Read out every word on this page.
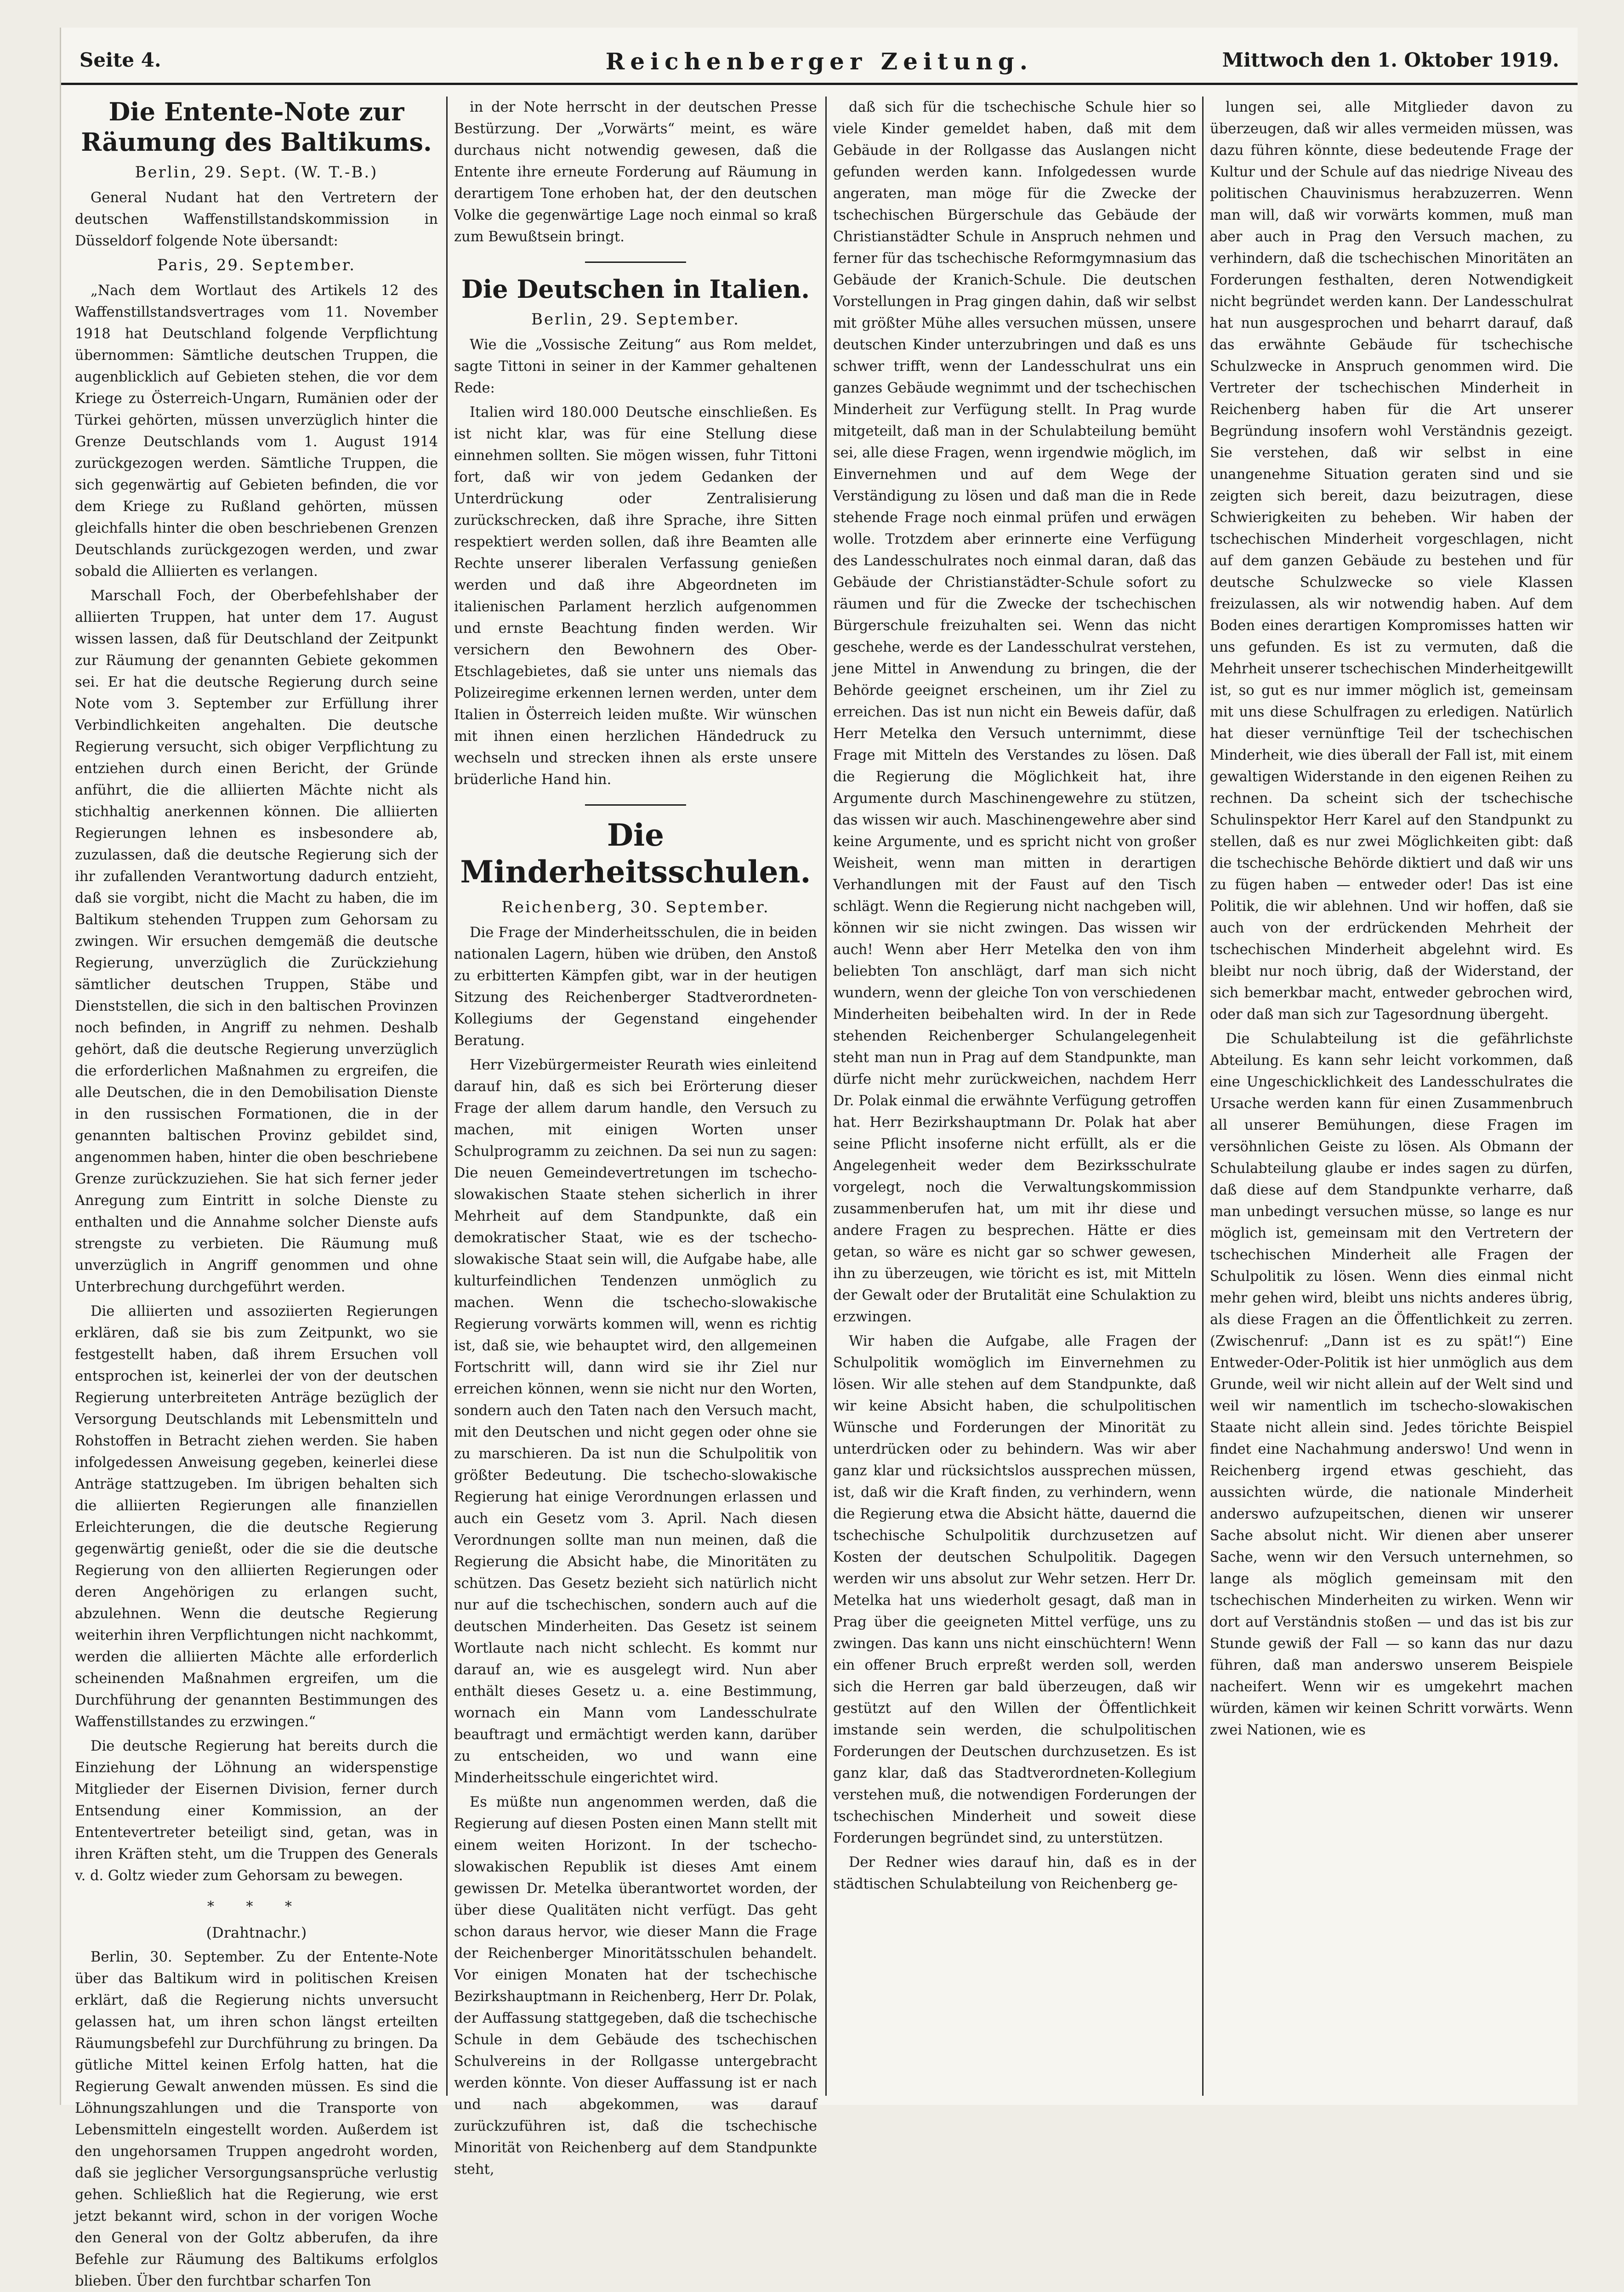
Seite 4.	Reichenberger Zeitung.	Mittwoch den 1. Oktober 1919.
Die Entente-Note zur Räumung des Baltikums.
Berlin, 29. Sept. (W. T.-B.)

General Nudant hat den Vertretern der deutschen Waffenstillstandskommission in Düsseldorf folgende Note übersandt:

Paris, 29. September.

„Nach dem Wortlaut des Artikels 12 des Waffenstillstandsvertrages vom 11. November 1918 hat Deutschland folgende Verpflichtung übernommen: Sämtliche deutschen Truppen, die augenblicklich auf Gebieten stehen, die vor dem Kriege zu Österreich-Ungarn, Rumänien oder der Türkei gehörten, müssen unverzüglich hinter die Grenze Deutschlands vom 1. August 1914 zurückgezogen werden. Sämtliche Truppen, die sich gegenwärtig auf Gebieten befinden, die vor dem Kriege zu Rußland gehörten, müssen gleichfalls hinter die oben beschriebenen Grenzen Deutschlands zurückgezogen werden, und zwar sobald die Alliierten es verlangen.

Marschall Foch, der Oberbefehlshaber der alliierten Truppen, hat unter dem 17. August wissen lassen, daß für Deutschland der Zeitpunkt zur Räumung der genannten Gebiete gekommen sei. Er hat die deutsche Regierung durch seine Note vom 3. September zur Erfüllung ihrer Verbindlichkeiten angehalten. Die deutsche Regierung versucht, sich obiger Verpflichtung zu entziehen durch einen Bericht, der Gründe anführt, die die alliierten Mächte nicht als stichhaltig anerkennen können. Die alliierten Regierungen lehnen es insbesondere ab, zuzulassen, daß die deutsche Regierung sich der ihr zufallenden Verantwortung dadurch entzieht, daß sie vorgibt, nicht die Macht zu haben, die im Baltikum stehenden Truppen zum Gehorsam zu zwingen. Wir ersuchen demgemäß die deutsche Regierung, unverzüglich die Zurückziehung sämtlicher deutschen Truppen, Stäbe und Dienststellen, die sich in den baltischen Provinzen noch befinden, in Angriff zu nehmen. Deshalb gehört, daß die deutsche Regierung unverzüglich die erforderlichen Maßnahmen zu ergreifen, die alle Deutschen, die in den Demobilisation Dienste in den russischen Formationen, die in der genannten baltischen Provinz gebildet sind, angenommen haben, hinter die oben beschriebene Grenze zurückzuziehen. Sie hat sich ferner jeder Anregung zum Eintritt in solche Dienste zu enthalten und die Annahme solcher Dienste aufs strengste zu verbieten. Die Räumung muß unverzüglich in Angriff genommen und ohne Unterbrechung durchgeführt werden.

Die alliierten und assoziierten Regierungen erklären, daß sie bis zum Zeitpunkt, wo sie festgestellt haben, daß ihrem Ersuchen voll entsprochen ist, keinerlei der von der deutschen Regierung unterbreiteten Anträge bezüglich der Versorgung Deutschlands mit Lebensmitteln und Rohstoffen in Betracht ziehen werden. Sie haben infolgedessen Anweisung gegeben, keinerlei diese Anträge stattzugeben. Im übrigen behalten sich die alliierten Regierungen alle finanziellen Erleichterungen, die die deutsche Regierung gegenwärtig genießt, oder die sie die deutsche Regierung von den alliierten Regierungen oder deren Angehörigen zu erlangen sucht, abzulehnen. Wenn die deutsche Regierung weiterhin ihren Verpflichtungen nicht nachkommt, werden die alliierten Mächte alle erforderlich scheinenden Maßnahmen ergreifen, um die Durchführung der genannten Bestimmungen des Waffenstillstandes zu erzwingen.“

Die deutsche Regierung hat bereits durch die Einziehung der Löhnung an widerspenstige Mitglieder der Eisernen Division, ferner durch Entsendung einer Kommission, an der Ententevertreter beteiligt sind, getan, was in ihren Kräften steht, um die Truppen des Generals v. d. Goltz wieder zum Gehorsam zu bewegen.

* * *
(Drahtnachr.)

Berlin, 30. September. Zu der Entente-Note über das Baltikum wird in politischen Kreisen erklärt, daß die Regierung nichts unversucht gelassen hat, um ihren schon längst erteilten Räumungsbefehl zur Durchführung zu bringen. Da gütliche Mittel keinen Erfolg hatten, hat die Regierung Gewalt anwenden müssen. Es sind die Löhnungszahlungen und die Transporte von Lebensmitteln eingestellt worden. Außerdem ist den ungehorsamen Truppen angedroht worden, daß sie jeglicher Versorgungsansprüche verlustig gehen. Schließlich hat die Regierung, wie erst jetzt bekannt wird, schon in der vorigen Woche den General von der Goltz abberufen, da ihre Befehle zur Räumung des Baltikums erfolglos blieben. Über den furchtbar scharfen Ton

in der Note herrscht in der deutschen Presse Bestürzung. Der „Vorwärts“ meint, es wäre durchaus nicht notwendig gewesen, daß die Entente ihre erneute Forderung auf Räumung in derartigem Tone erhoben hat, der den deutschen Volke die gegenwärtige Lage noch einmal so kraß zum Bewußtsein bringt.

Die Deutschen in Italien.
Berlin, 29. September.

Wie die „Vossische Zeitung“ aus Rom meldet, sagte Tittoni in seiner in der Kammer gehaltenen Rede:

Italien wird 180.000 Deutsche einschließen. Es ist nicht klar, was für eine Stellung diese einnehmen sollten. Sie mögen wissen, fuhr Tittoni fort, daß wir von jedem Gedanken der Unterdrückung oder Zentralisierung zurückschrecken, daß ihre Sprache, ihre Sitten respektiert werden sollen, daß ihre Beamten alle Rechte unserer liberalen Verfassung genießen werden und daß ihre Abgeordneten im italienischen Parlament herzlich aufgenommen und ernste Beachtung finden werden. Wir versichern den Bewohnern des Ober-Etschlagebietes, daß sie unter uns niemals das Polizeiregime erkennen lernen werden, unter dem Italien in Österreich leiden mußte. Wir wünschen mit ihnen einen herzlichen Händedruck zu wechseln und strecken ihnen als erste unsere brüderliche Hand hin.

Die Minderheitsschulen.
Reichenberg, 30. September.

Die Frage der Minderheitsschulen, die in beiden nationalen Lagern, hüben wie drüben, den Anstoß zu erbitterten Kämpfen gibt, war in der heutigen Sitzung des Reichenberger Stadtverordneten-Kollegiums der Gegenstand eingehender Beratung.

Herr Vizebürgermeister Reurath wies einleitend darauf hin, daß es sich bei Erörterung dieser Frage der allem darum handle, den Versuch zu machen, mit einigen Worten unser Schulprogramm zu zeichnen. Da sei nun zu sagen: Die neuen Gemeindevertretungen im tschecho-slowakischen Staate stehen sicherlich in ihrer Mehrheit auf dem Standpunkte, daß ein demokratischer Staat, wie es der tschecho-slowakische Staat sein will, die Aufgabe habe, alle kulturfeindlichen Tendenzen unmöglich zu machen. Wenn die tschecho-slowakische Regierung vorwärts kommen will, wenn es richtig ist, daß sie, wie behauptet wird, den allgemeinen Fortschritt will, dann wird sie ihr Ziel nur erreichen können, wenn sie nicht nur den Worten, sondern auch den Taten nach den Versuch macht, mit den Deutschen und nicht gegen oder ohne sie zu marschieren. Da ist nun die Schulpolitik von größter Bedeutung. Die tschecho-slowakische Regierung hat einige Verordnungen erlassen und auch ein Gesetz vom 3. April. Nach diesen Verordnungen sollte man nun meinen, daß die Regierung die Absicht habe, die Minoritäten zu schützen. Das Gesetz bezieht sich natürlich nicht nur auf die tschechischen, sondern auch auf die deutschen Minderheiten. Das Gesetz ist seinem Wortlaute nach nicht schlecht. Es kommt nur darauf an, wie es ausgelegt wird. Nun aber enthält dieses Gesetz u. a. eine Bestimmung, wornach ein Mann vom Landesschulrate beauftragt und ermächtigt werden kann, darüber zu entscheiden, wo und wann eine Minderheitsschule eingerichtet wird.

Es müßte nun angenommen werden, daß die Regierung auf diesen Posten einen Mann stellt mit einem weiten Horizont. In der tschecho-slowakischen Republik ist dieses Amt einem gewissen Dr. Metelka überantwortet worden, der über diese Qualitäten nicht verfügt. Das geht schon daraus hervor, wie dieser Mann die Frage der Reichenberger Minoritätsschulen behandelt. Vor einigen Monaten hat der tschechische Bezirkshauptmann in Reichenberg, Herr Dr. Polak, der Auffassung stattgegeben, daß die tschechische Schule in dem Gebäude des tschechischen Schulvereins in der Rollgasse untergebracht werden könnte. Von dieser Auffassung ist er nach und nach abgekommen, was darauf zurückzuführen ist, daß die tschechische Minorität von Reichenberg auf dem Standpunkte steht,

daß sich für die tschechische Schule hier so viele Kinder gemeldet haben, daß mit dem Gebäude in der Rollgasse das Auslangen nicht gefunden werden kann. Infolgedessen wurde angeraten, man möge für die Zwecke der tschechischen Bürgerschule das Gebäude der Christianstädter Schule in Anspruch nehmen und ferner für das tschechische Reformgymnasium das Gebäude der Kranich-Schule. Die deutschen Vorstellungen in Prag gingen dahin, daß wir selbst mit größter Mühe alles versuchen müssen, unsere deutschen Kinder unterzubringen und daß es uns schwer trifft, wenn der Landesschulrat uns ein ganzes Gebäude wegnimmt und der tschechischen Minderheit zur Verfügung stellt. In Prag wurde mitgeteilt, daß man in der Schulabteilung bemüht sei, alle diese Fragen, wenn irgendwie möglich, im Einvernehmen und auf dem Wege der Verständigung zu lösen und daß man die in Rede stehende Frage noch einmal prüfen und erwägen wolle. Trotzdem aber erinnerte eine Verfügung des Landesschulrates noch einmal daran, daß das Gebäude der Christianstädter-Schule sofort zu räumen und für die Zwecke der tschechischen Bürgerschule freizuhalten sei. Wenn das nicht geschehe, werde es der Landesschulrat verstehen, jene Mittel in Anwendung zu bringen, die der Behörde geeignet erscheinen, um ihr Ziel zu erreichen. Das ist nun nicht ein Beweis dafür, daß Herr Metelka den Versuch unternimmt, diese Frage mit Mitteln des Verstandes zu lösen. Daß die Regierung die Möglichkeit hat, ihre Argumente durch Maschinengewehre zu stützen, das wissen wir auch. Maschinengewehre aber sind keine Argumente, und es spricht nicht von großer Weisheit, wenn man mitten in derartigen Verhandlungen mit der Faust auf den Tisch schlägt. Wenn die Regierung nicht nachgeben will, können wir sie nicht zwingen. Das wissen wir auch! Wenn aber Herr Metelka den von ihm beliebten Ton anschlägt, darf man sich nicht wundern, wenn der gleiche Ton von verschiedenen Minderheiten beibehalten wird. In der in Rede stehenden Reichenberger Schulangelegenheit steht man nun in Prag auf dem Standpunkte, man dürfe nicht mehr zurückweichen, nachdem Herr Dr. Polak einmal die erwähnte Verfügung getroffen hat. Herr Bezirkshauptmann Dr. Polak hat aber seine Pflicht insoferne nicht erfüllt, als er die Angelegenheit weder dem Bezirksschulrate vorgelegt, noch die Verwaltungskommission zusammenberufen hat, um mit ihr diese und andere Fragen zu besprechen. Hätte er dies getan, so wäre es nicht gar so schwer gewesen, ihn zu überzeugen, wie töricht es ist, mit Mitteln der Gewalt oder der Brutalität eine Schulaktion zu erzwingen.

Wir haben die Aufgabe, alle Fragen der Schulpolitik womöglich im Einvernehmen zu lösen. Wir alle stehen auf dem Standpunkte, daß wir keine Absicht haben, die schulpolitischen Wünsche und Forderungen der Minorität zu unterdrücken oder zu behindern. Was wir aber ganz klar und rücksichtslos aussprechen müssen, ist, daß wir die Kraft finden, zu verhindern, wenn die Regierung etwa die Absicht hätte, dauernd die tschechische Schulpolitik durchzusetzen auf Kosten der deutschen Schulpolitik. Dagegen werden wir uns absolut zur Wehr setzen. Herr Dr. Metelka hat uns wiederholt gesagt, daß man in Prag über die geeigneten Mittel verfüge, uns zu zwingen. Das kann uns nicht einschüchtern! Wenn ein offener Bruch erpreßt werden soll, werden sich die Herren gar bald überzeugen, daß wir gestützt auf den Willen der Öffentlichkeit imstande sein werden, die schulpolitischen Forderungen der Deutschen durchzusetzen. Es ist ganz klar, daß das Stadtverordneten-Kollegium verstehen muß, die notwendigen Forderungen der tschechischen Minderheit und soweit diese Forderungen begründet sind, zu unterstützen.

Der Redner wies darauf hin, daß es in der städtischen Schulabteilung von Reichenberg ge-

lungen sei, alle Mitglieder davon zu überzeugen, daß wir alles vermeiden müssen, was dazu führen könnte, diese bedeutende Frage der Kultur und der Schule auf das niedrige Niveau des politischen Chauvinismus herabzuzerren. Wenn man will, daß wir vorwärts kommen, muß man aber auch in Prag den Versuch machen, zu verhindern, daß die tschechischen Minoritäten an Forderungen festhalten, deren Notwendigkeit nicht begründet werden kann. Der Landesschulrat hat nun ausgesprochen und beharrt darauf, daß das erwähnte Gebäude für tschechische Schulzwecke in Anspruch genommen wird. Die Vertreter der tschechischen Minderheit in Reichenberg haben für die Art unserer Begründung insofern wohl Verständnis gezeigt. Sie verstehen, daß wir selbst in eine unangenehme Situation geraten sind und sie zeigten sich bereit, dazu beizutragen, diese Schwierigkeiten zu beheben. Wir haben der tschechischen Minderheit vorgeschlagen, nicht auf dem ganzen Gebäude zu bestehen und für deutsche Schulzwecke so viele Klassen freizulassen, als wir notwendig haben. Auf dem Boden eines derartigen Kompromisses hatten wir uns gefunden. Es ist zu vermuten, daß die Mehrheit unserer tschechischen Minderheitgewillt ist, so gut es nur immer möglich ist, gemeinsam mit uns diese Schulfragen zu erledigen. Natürlich hat dieser vernünftige Teil der tschechischen Minderheit, wie dies überall der Fall ist, mit einem gewaltigen Widerstande in den eigenen Reihen zu rechnen. Da scheint sich der tschechische Schulinspektor Herr Karel auf den Standpunkt zu stellen, daß es nur zwei Möglichkeiten gibt: daß die tschechische Behörde diktiert und daß wir uns zu fügen haben — entweder oder! Das ist eine Politik, die wir ablehnen. Und wir hoffen, daß sie auch von der erdrückenden Mehrheit der tschechischen Minderheit abgelehnt wird. Es bleibt nur noch übrig, daß der Widerstand, der sich bemerkbar macht, entweder gebrochen wird, oder daß man sich zur Tagesordnung übergeht.

Die Schulabteilung ist die gefährlichste Abteilung. Es kann sehr leicht vorkommen, daß eine Ungeschicklichkeit des Landesschulrates die Ursache werden kann für einen Zusammenbruch all unserer Bemühungen, diese Fragen im versöhnlichen Geiste zu lösen. Als Obmann der Schulabteilung glaube er indes sagen zu dürfen, daß diese auf dem Standpunkte verharre, daß man unbedingt versuchen müsse, so lange es nur möglich ist, gemeinsam mit den Vertretern der tschechischen Minderheit alle Fragen der Schulpolitik zu lösen. Wenn dies einmal nicht mehr gehen wird, bleibt uns nichts anderes übrig, als diese Fragen an die Öffentlichkeit zu zerren. (Zwischenruf: „Dann ist es zu spät!“) Eine Entweder-Oder-Politik ist hier unmöglich aus dem Grunde, weil wir nicht allein auf der Welt sind und weil wir namentlich im tschecho-slowakischen Staate nicht allein sind. Jedes törichte Beispiel findet eine Nachahmung anderswo! Und wenn in Reichenberg irgend etwas geschieht, das aussichten würde, die nationale Minderheit anderswo aufzupeitschen, dienen wir unserer Sache absolut nicht. Wir dienen aber unserer Sache, wenn wir den Versuch unternehmen, so lange als möglich gemeinsam mit den tschechischen Minderheiten zu wirken. Wenn wir dort auf Verständnis stoßen — und das ist bis zur Stunde gewiß der Fall — so kann das nur dazu führen, daß man anderswo unserem Beispiele nacheifert. Wenn wir es umgekehrt machen würden, kämen wir keinen Schritt vorwärts. Wenn zwei Nationen, wie es
